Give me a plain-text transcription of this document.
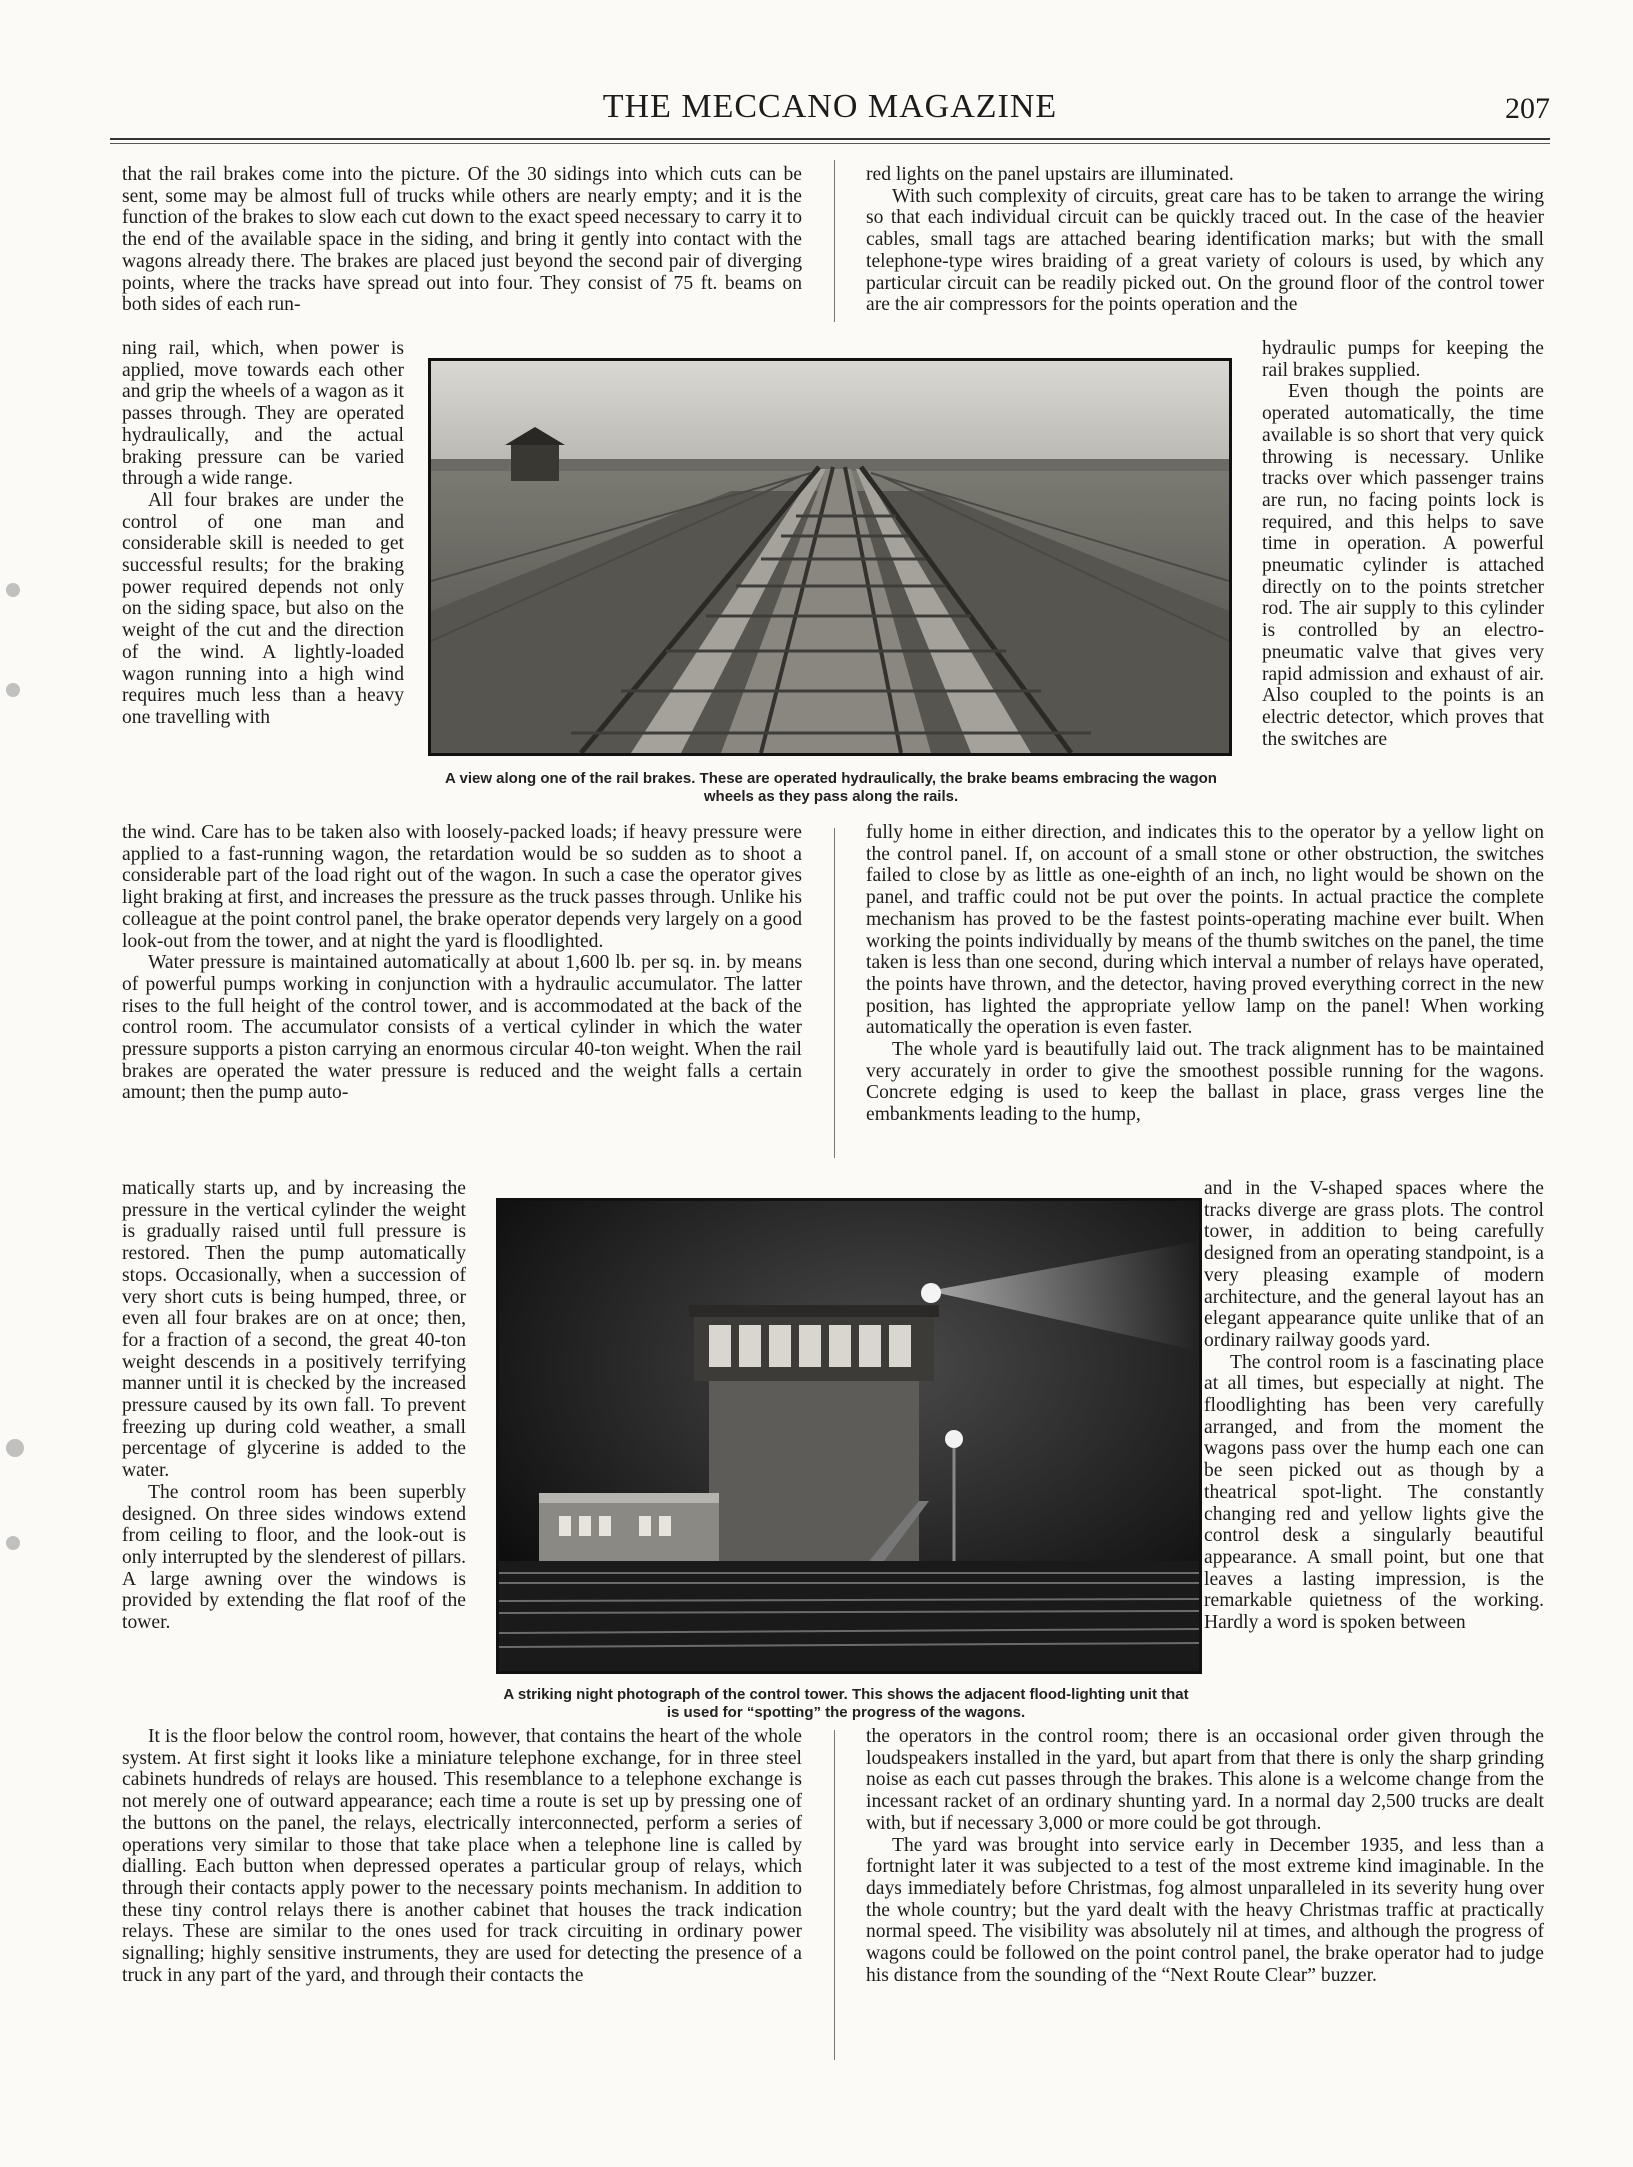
THE MECCANO MAGAZINE	207

that the rail brakes come into the picture. Of the 30 sidings into which cuts can be sent, some may be almost full of trucks while others are nearly empty; and it is the function of the brakes to slow each cut down to the exact speed necessary to carry it to the end of the available space in the siding, and bring it gently into contact with the wagons already there. The brakes are placed just beyond the second pair of diverging points, where the tracks have spread out into four. They consist of 75 ft. beams on both sides of each run-

ning rail, which, when power is applied, move towards each other and grip the wheels of a wagon as it passes through. They are operated hydraulically, and the actual braking pressure can be varied through a wide range.

All four brakes are under the control of one man and considerable skill is needed to get successful results; for the braking power required depends not only on the siding space, but also on the weight of the cut and the direction of the wind. A lightly-loaded wagon running into a high wind requires much less than a heavy one travelling with

the wind. Care has to be taken also with loosely-packed loads; if heavy pressure were applied to a fast-running wagon, the retardation would be so sudden as to shoot a considerable part of the load right out of the wagon. In such a case the operator gives light braking at first, and increases the pressure as the truck passes through. Unlike his colleague at the point control panel, the brake operator depends very largely on a good look-out from the tower, and at night the yard is floodlighted.

Water pressure is maintained automatically at about 1,600 lb. per sq. in. by means of powerful pumps working in conjunction with a hydraulic accumulator. The latter rises to the full height of the control tower, and is accommodated at the back of the control room. The accumulator consists of a vertical cylinder in which the water pressure supports a piston carrying an enormous circular 40-ton weight. When the rail brakes are operated the water pressure is reduced and the weight falls a certain amount; then the pump auto-

matically starts up, and by increasing the pressure in the vertical cylinder the weight is gradually raised until full pressure is restored. Then the pump automatically stops. Occasionally, when a succession of very short cuts is being humped, three, or even all four brakes are on at once; then, for a fraction of a second, the great 40-ton weight descends in a positively terrifying manner until it is checked by the increased pressure caused by its own fall. To prevent freezing up during cold weather, a small percentage of glycerine is added to the water.

The control room has been superbly designed. On three sides windows extend from ceiling to floor, and the look-out is only interrupted by the slenderest of pillars. A large awning over the windows is provided by extending the flat roof of the tower.

It is the floor below the control room, however, that contains the heart of the whole system. At first sight it looks like a miniature telephone exchange, for in three steel cabinets hundreds of relays are housed. This resemblance to a telephone exchange is not merely one of outward appearance; each time a route is set up by pressing one of the buttons on the panel, the relays, electrically interconnected, perform a series of operations very similar to those that take place when a telephone line is called by dialling. Each button when depressed operates a particular group of relays, which through their contacts apply power to the necessary points mechanism. In addition to these tiny control relays there is another cabinet that houses the track indication relays. These are similar to the ones used for track circuiting in ordinary power signalling; highly sensitive instruments, they are used for detecting the presence of a truck in any part of the yard, and through their contacts the

red lights on the panel upstairs are illuminated.

With such complexity of circuits, great care has to be taken to arrange the wiring so that each individual circuit can be quickly traced out. In the case of the heavier cables, small tags are attached bearing identification marks; but with the small telephone-type wires braiding of a great variety of colours is used, by which any particular circuit can be readily picked out. On the ground floor of the control tower are the air compressors for the points operation and the

hydraulic pumps for keeping the rail brakes supplied.

Even though the points are operated automatically, the time available is so short that very quick throwing is necessary. Unlike tracks over which passenger trains are run, no facing points lock is required, and this helps to save time in operation. A powerful pneumatic cylinder is attached directly on to the points stretcher rod. The air supply to this cylinder is controlled by an electro-pneumatic valve that gives very rapid admission and exhaust of air. Also coupled to the points is an electric detector, which proves that the switches are

fully home in either direction, and indicates this to the operator by a yellow light on the control panel. If, on account of a small stone or other obstruction, the switches failed to close by as little as one-eighth of an inch, no light would be shown on the panel, and traffic could not be put over the points. In actual practice the complete mechanism has proved to be the fastest points-operating machine ever built. When working the points individually by means of the thumb switches on the panel, the time taken is less than one second, during which interval a number of relays have operated, the points have thrown, and the detector, having proved everything correct in the new position, has lighted the appropriate yellow lamp on the panel! When working automatically the operation is even faster.

The whole yard is beautifully laid out. The track alignment has to be maintained very accurately in order to give the smoothest possible running for the wagons. Concrete edging is used to keep the ballast in place, grass verges line the embankments leading to the hump,

and in the V-shaped spaces where the tracks diverge are grass plots. The control tower, in addition to being carefully designed from an operating standpoint, is a very pleasing example of modern architecture, and the general layout has an elegant appearance quite unlike that of an ordinary railway goods yard.

The control room is a fascinating place at all times, but especially at night. The floodlighting has been very carefully arranged, and from the moment the wagons pass over the hump each one can be seen picked out as though by a theatrical spot-light. The constantly changing red and yellow lights give the control desk a singularly beautiful appearance. A small point, but one that leaves a lasting impression, is the remarkable quietness of the working. Hardly a word is spoken between

the operators in the control room; there is an occasional order given through the loudspeakers installed in the yard, but apart from that there is only the sharp grinding noise as each cut passes through the brakes. This alone is a welcome change from the incessant racket of an ordinary shunting yard. In a normal day 2,500 trucks are dealt with, but if necessary 3,000 or more could be got through.

The yard was brought into service early in December 1935, and less than a fortnight later it was subjected to a test of the most extreme kind imaginable. In the days immediately before Christmas, fog almost unparalleled in its severity hung over the whole country; but the yard dealt with the heavy Christmas traffic at practically normal speed. The visibility was absolutely nil at times, and although the progress of wagons could be followed on the point control panel, the brake operator had to judge his distance from the sounding of the “Next Route Clear” buzzer.

A view along one of the rail brakes. These are operated hydraulically, the brake beams embracing the wagon wheels as they pass along the rails.
A striking night photograph of the control tower. This shows the adjacent flood-lighting unit that is used for “spotting” the progress of the wagons.
